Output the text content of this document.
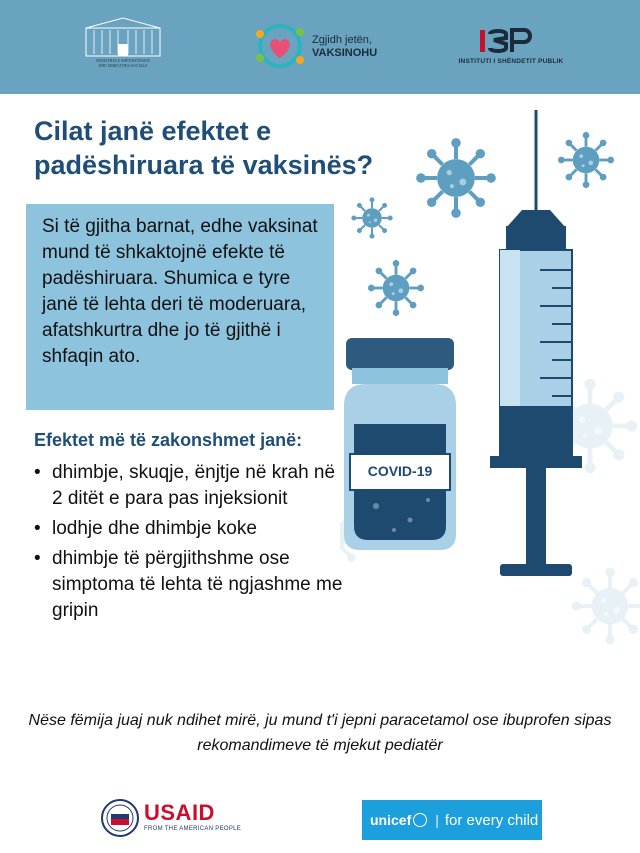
MINISTRIA E SHËNDETËSISË
DHE MBROJTJES SOCIALE
Zgjidh jetën,
VAKSINOHU
INSTITUTI I SHËNDETIT PUBLIK
Cilat janë efektet e padëshiruara të vaksinës?
Si të gjitha barnat, edhe vaksinat mund të shkaktojnë efekte të padëshiruara. Shumica e tyre janë të lehta deri të moderuara, afatshkurtra dhe jo të gjithë i shfaqin ato.
Efektet më të zakonshmet janë:
• dhimbje, skuqje, ënjtje në krah në 2 ditët e para pas injeksionit
• lodhje dhe dhimbje koke
• dhimbje të përgjithshme ose simptoma të lehta të ngjashme me gripin
COVID-19

Nëse fëmija juaj nuk ndihet mirë, ju mund t'i jepni paracetamol ose ibuprofen sipas rekomandimeve të mjekut pediatër

USAID
FROM THE AMERICAN PEOPLE
unicef | for every child
